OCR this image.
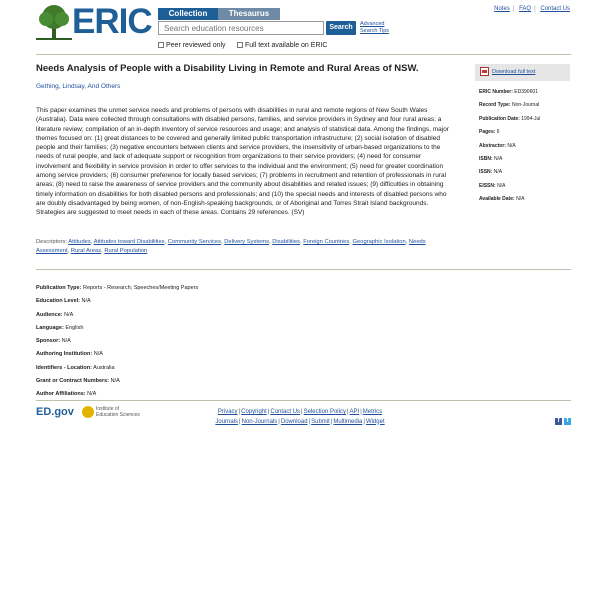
ERIC	Collection	Thesaurus
Search education resources	Search	Advanced
Search Tips
Peer reviewed only	Full text available on ERIC
Notes | FAQ | Contact Us
Needs Analysis of People with a Disability Living in Remote and Rural Areas of NSW.
Gething, Lindsay, And Others
This paper examines the unmet service needs and problems of persons with disabilities in rural and remote regions of New South Wales (Australia). Data were collected through consultations with disabled persons, families, and service providers in Sydney and four rural areas; a literature review; compilation of an in-depth inventory of service resources and usage; and analysis of statistical data. Among the findings, major themes focused on: (1) great distances to be covered and generally limited public transportation infrastructure; (2) social isolation of disabled people and their families; (3) negative encounters between clients and service providers, the insensitivity of urban-based organizations to the needs of rural people, and lack of adequate support or recognition from organizations to their service providers; (4) need for consumer involvement and flexibility in service provision in order to offer services to the individual and the environment; (5) need for greater coordination among service providers; (6) consumer preference for locally based services; (7) problems in recruitment and retention of professionals in rural areas; (8) need to raise the awareness of service providers and the community about disabilities and related issues; (9) difficulties in obtaining timely information on disabilities for both disabled persons and professionals; and (10) the special needs and interests of disabled persons who are doubly disadvantaged by being women, of non-English-speaking backgrounds, or of Aboriginal and Torres Strait Island backgrounds. Strategies are suggested to meet needs in each of these areas. Contains 29 references. (SV)
Descriptors: Attitudes, Attitudes toward Disabilities, Community Services, Delivery Systems, Disabilities, Foreign Countries, Geographic Isolation, Needs Assessment, Rural Areas, Rural Population
Publication Type: Reports - Research; Speeches/Meeting Papers
Education Level: N/A
Audience: N/A
Language: English
Sponsor: N/A
Authoring Institution: N/A
Identifiers - Location: Australia
Grant or Contract Numbers: N/A
Author Affiliations: N/A
Download full text
ERIC Number: ED390601
Record Type: Non-Journal
Publication Date: 1994-Jul
Pages: 6
Abstractor: N/A
ISBN: N/A
ISSN: N/A
EISSN: N/A
Available Date: N/A
ED.gov	Institute of
Education Sciences	Privacy|Copyright|Contact Us|Selection Policy|API|Metrics
Journals|Non-Journals|Download|Submit|Multimedia|Widget	f t
